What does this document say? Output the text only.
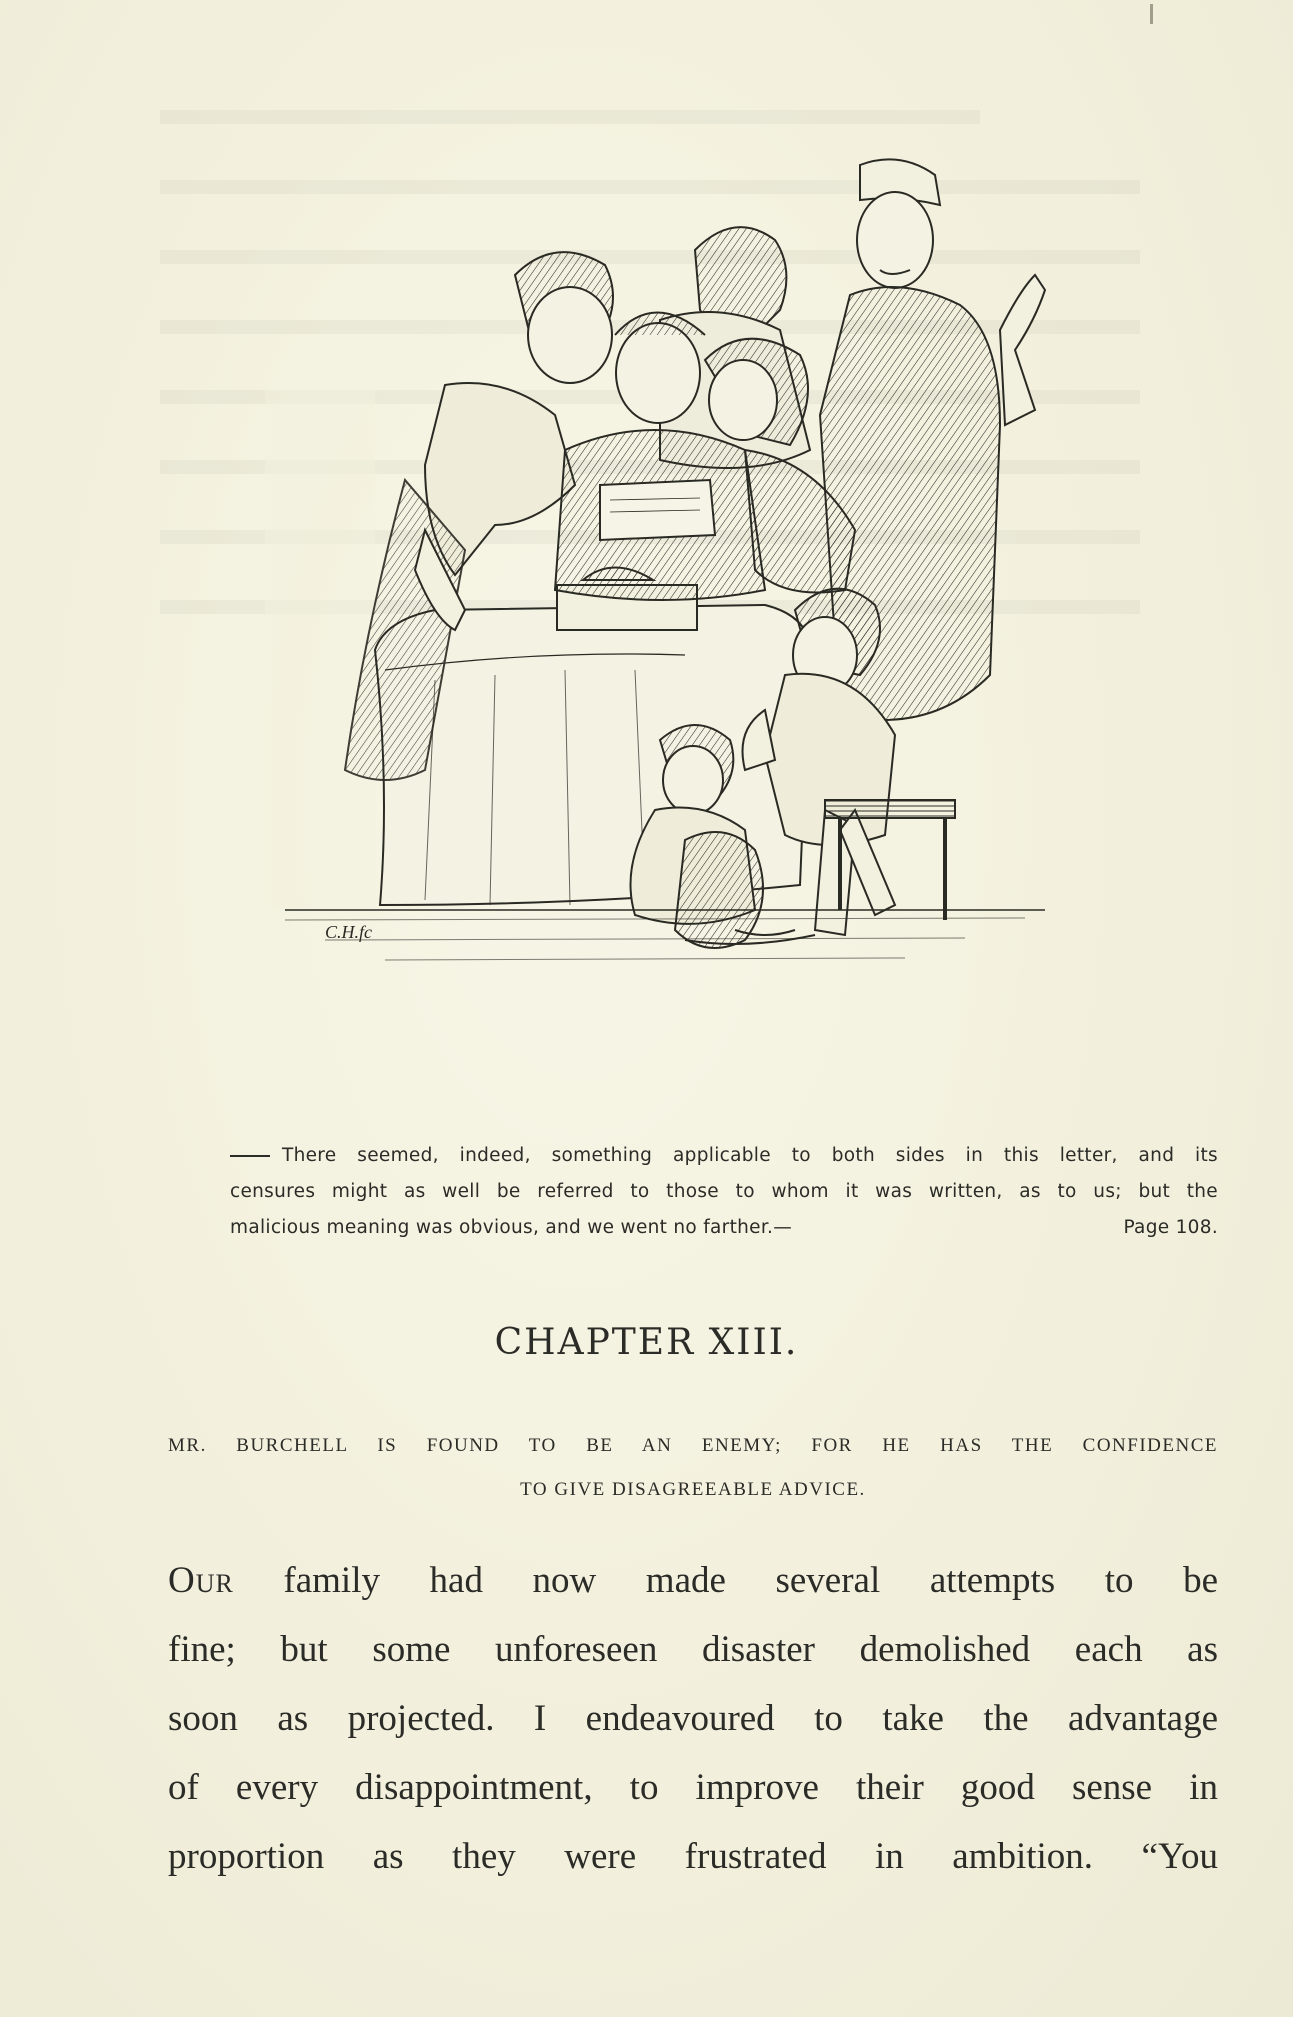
C.H.fc
There seemed, indeed, something applicable to both sides in this letter, and its
censures might as well be referred to those to whom it was written, as to us; but the
malicious meaning was obvious, and we went no farther.—	Page 108.
CHAPTER XIII.
MR. BURCHELL IS FOUND TO BE AN ENEMY; FOR HE HAS THE CONFIDENCE
TO GIVE DISAGREEABLE ADVICE.
Our family had now made several attempts to be
fine; but some unforeseen disaster demolished each as
soon as projected. I endeavoured to take the advantage
of every disappointment, to improve their good sense in
proportion as they were frustrated in ambition. “You
